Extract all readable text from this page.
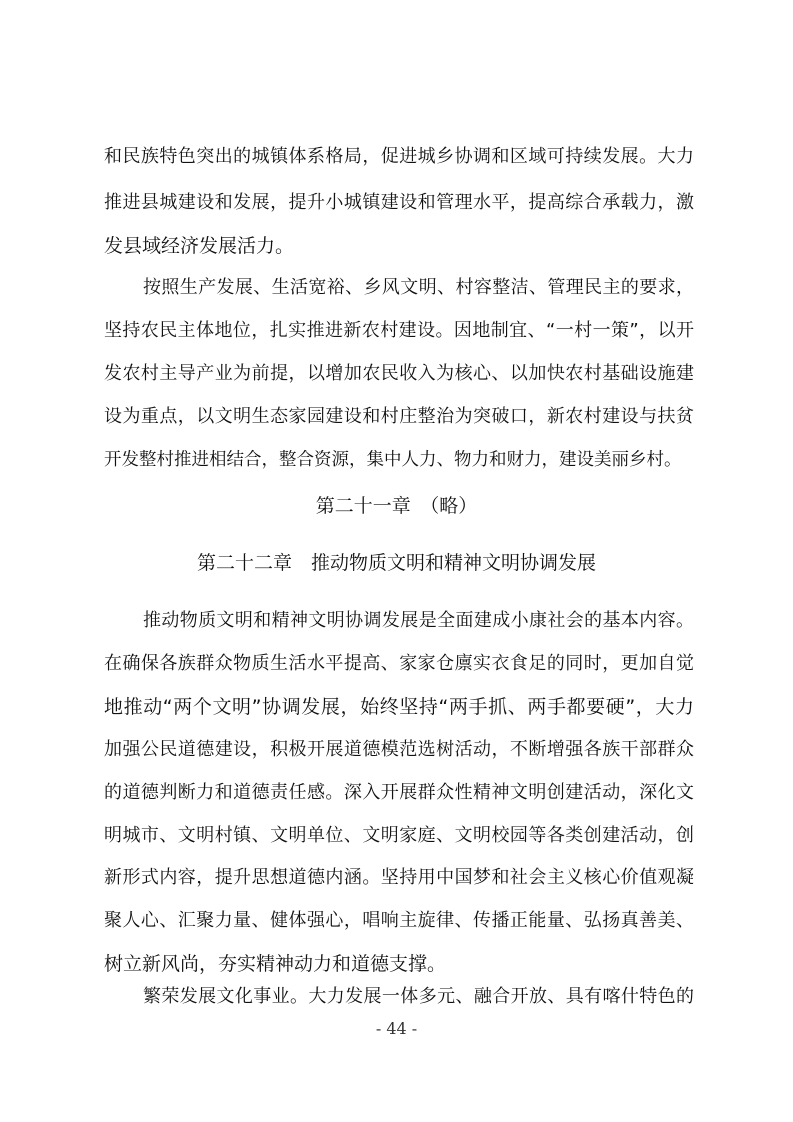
和民族特色突出的城镇体系格局，促进城乡协调和区域可持续发展。大力
推进县城建设和发展，提升小城镇建设和管理水平，提高综合承载力，激
发县域经济发展活力。
按照生产发展、生活宽裕、乡风文明、村容整洁、管理民主的要求，
坚持农民主体地位，扎实推进新农村建设。因地制宜、“一村一策”，以开
发农村主导产业为前提，以增加农民收入为核心、以加快农村基础设施建
设为重点，以文明生态家园建设和村庄整治为突破口，新农村建设与扶贫
开发整村推进相结合，整合资源，集中人力、物力和财力，建设美丽乡村。
第二十一章　（略）
第二十二章　推动物质文明和精神文明协调发展
推动物质文明和精神文明协调发展是全面建成小康社会的基本内容。
在确保各族群众物质生活水平提高、家家仓廪实衣食足的同时，更加自觉
地推动“两个文明”协调发展，始终坚持“两手抓、两手都要硬”，大力
加强公民道德建设，积极开展道德模范选树活动，不断增强各族干部群众
的道德判断力和道德责任感。深入开展群众性精神文明创建活动，深化文
明城市、文明村镇、文明单位、文明家庭、文明校园等各类创建活动，创
新形式内容，提升思想道德内涵。坚持用中国梦和社会主义核心价值观凝
聚人心、汇聚力量、健体强心，唱响主旋律、传播正能量、弘扬真善美、
树立新风尚，夯实精神动力和道德支撑。
繁荣发展文化事业。大力发展一体多元、融合开放、具有喀什特色的
- 44 -
